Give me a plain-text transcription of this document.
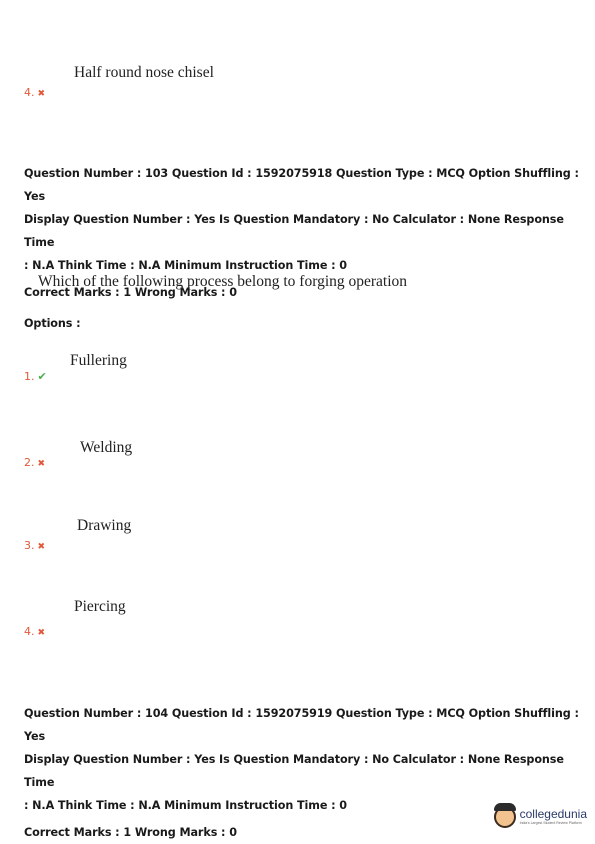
Half round nose chisel
4. ✖
Question Number : 103 Question Id : 1592075918 Question Type : MCQ Option Shuffling : Yes
Display Question Number : Yes Is Question Mandatory : No Calculator : None Response Time
: N.A Think Time : N.A Minimum Instruction Time : 0
Correct Marks : 1 Wrong Marks : 0
Which of the following process belong to forging operation
Options :
Fullering
1. ✔
Welding
2. ✖
Drawing
3. ✖
Piercing
4. ✖
Question Number : 104 Question Id : 1592075919 Question Type : MCQ Option Shuffling : Yes
Display Question Number : Yes Is Question Mandatory : No Calculator : None Response Time
: N.A Think Time : N.A Minimum Instruction Time : 0
Correct Marks : 1 Wrong Marks : 0
collegedunia
India's Largest Student Review Platform
